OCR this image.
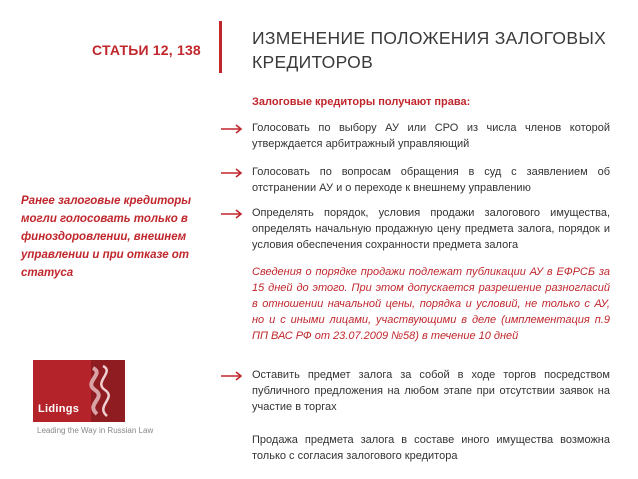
СТАТЬИ 12, 138
ИЗМЕНЕНИЕ ПОЛОЖЕНИЯ ЗАЛОГОВЫХ КРЕДИТОРОВ
Залоговые кредиторы получают права:
Ранее залоговые кредиторы могли голосовать только в финоздоровлении, внешнем управлении и при отказе от статуса
Голосовать по выбору АУ или СРО из числа членов которой утверждается арбитражный управляющий
Голосовать по вопросам обращения в суд с заявлением об отстранении АУ и о переходе к внешнему управлению
Определять порядок, условия продажи залогового имущества, определять начальную продажную цену предмета залога, порядок и условия обеспечения сохранности предмета залога
Сведения о порядке продажи подлежат публикации АУ в ЕФРСБ за 15 дней до этого. При этом допускается разрешение разногласий в отношении начальной цены, порядка и условий, не только с АУ, но и с иными лицами, участвующими в деле (имплементация п.9 ПП ВАС РФ от 23.07.2009 №58) в течение 10 дней
Оставить предмет залога за собой в ходе торгов посредством публичного предложения на любом этапе при отсутствии заявок на участие в торгах
Продажа предмета залога в составе иного имущества возможна только с согласия залогового кредитора
Lidings
Leading the Way in Russian Law
